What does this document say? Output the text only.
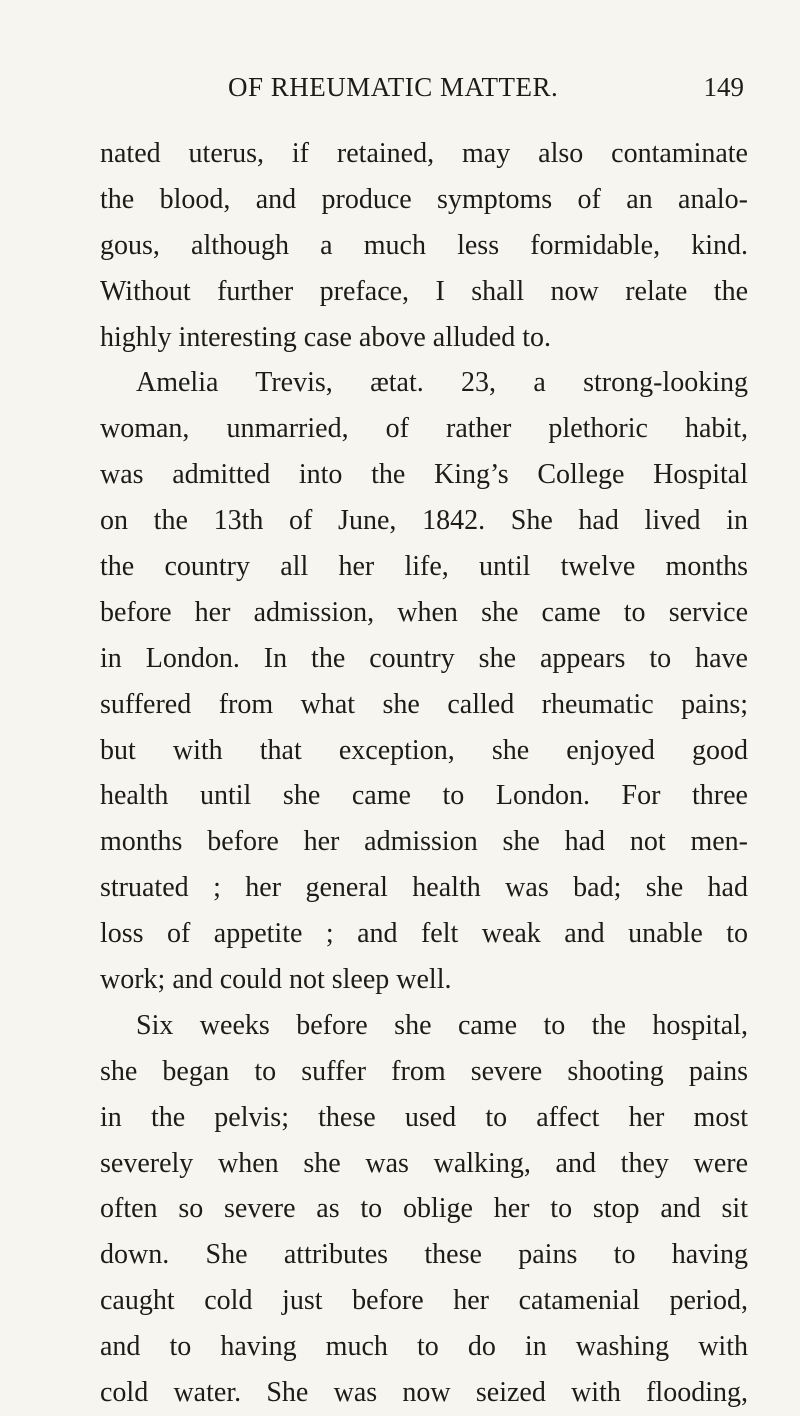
OF RHEUMATIC MATTER.	149
nated uterus, if retained, may also contaminate
the blood, and produce symptoms of an analo-
gous, although a much less formidable, kind.
Without further preface, I shall now relate the
highly interesting case above alluded to.
Amelia Trevis, ætat. 23, a strong-looking
woman, unmarried, of rather plethoric habit,
was admitted into the King’s College Hospital
on the 13th of June, 1842. She had lived in
the country all her life, until twelve months
before her admission, when she came to service
in London. In the country she appears to have
suffered from what she called rheumatic pains;
but with that exception, she enjoyed good
health until she came to London. For three
months before her admission she had not men-
struated ; her general health was bad; she had
loss of appetite ; and felt weak and unable to
work; and could not sleep well.
Six weeks before she came to the hospital,
she began to suffer from severe shooting pains
in the pelvis; these used to affect her most
severely when she was walking, and they were
often so severe as to oblige her to stop and sit
down. She attributes these pains to having
caught cold just before her catamenial period,
and to having much to do in washing with
cold water. She was now seized with flooding,
